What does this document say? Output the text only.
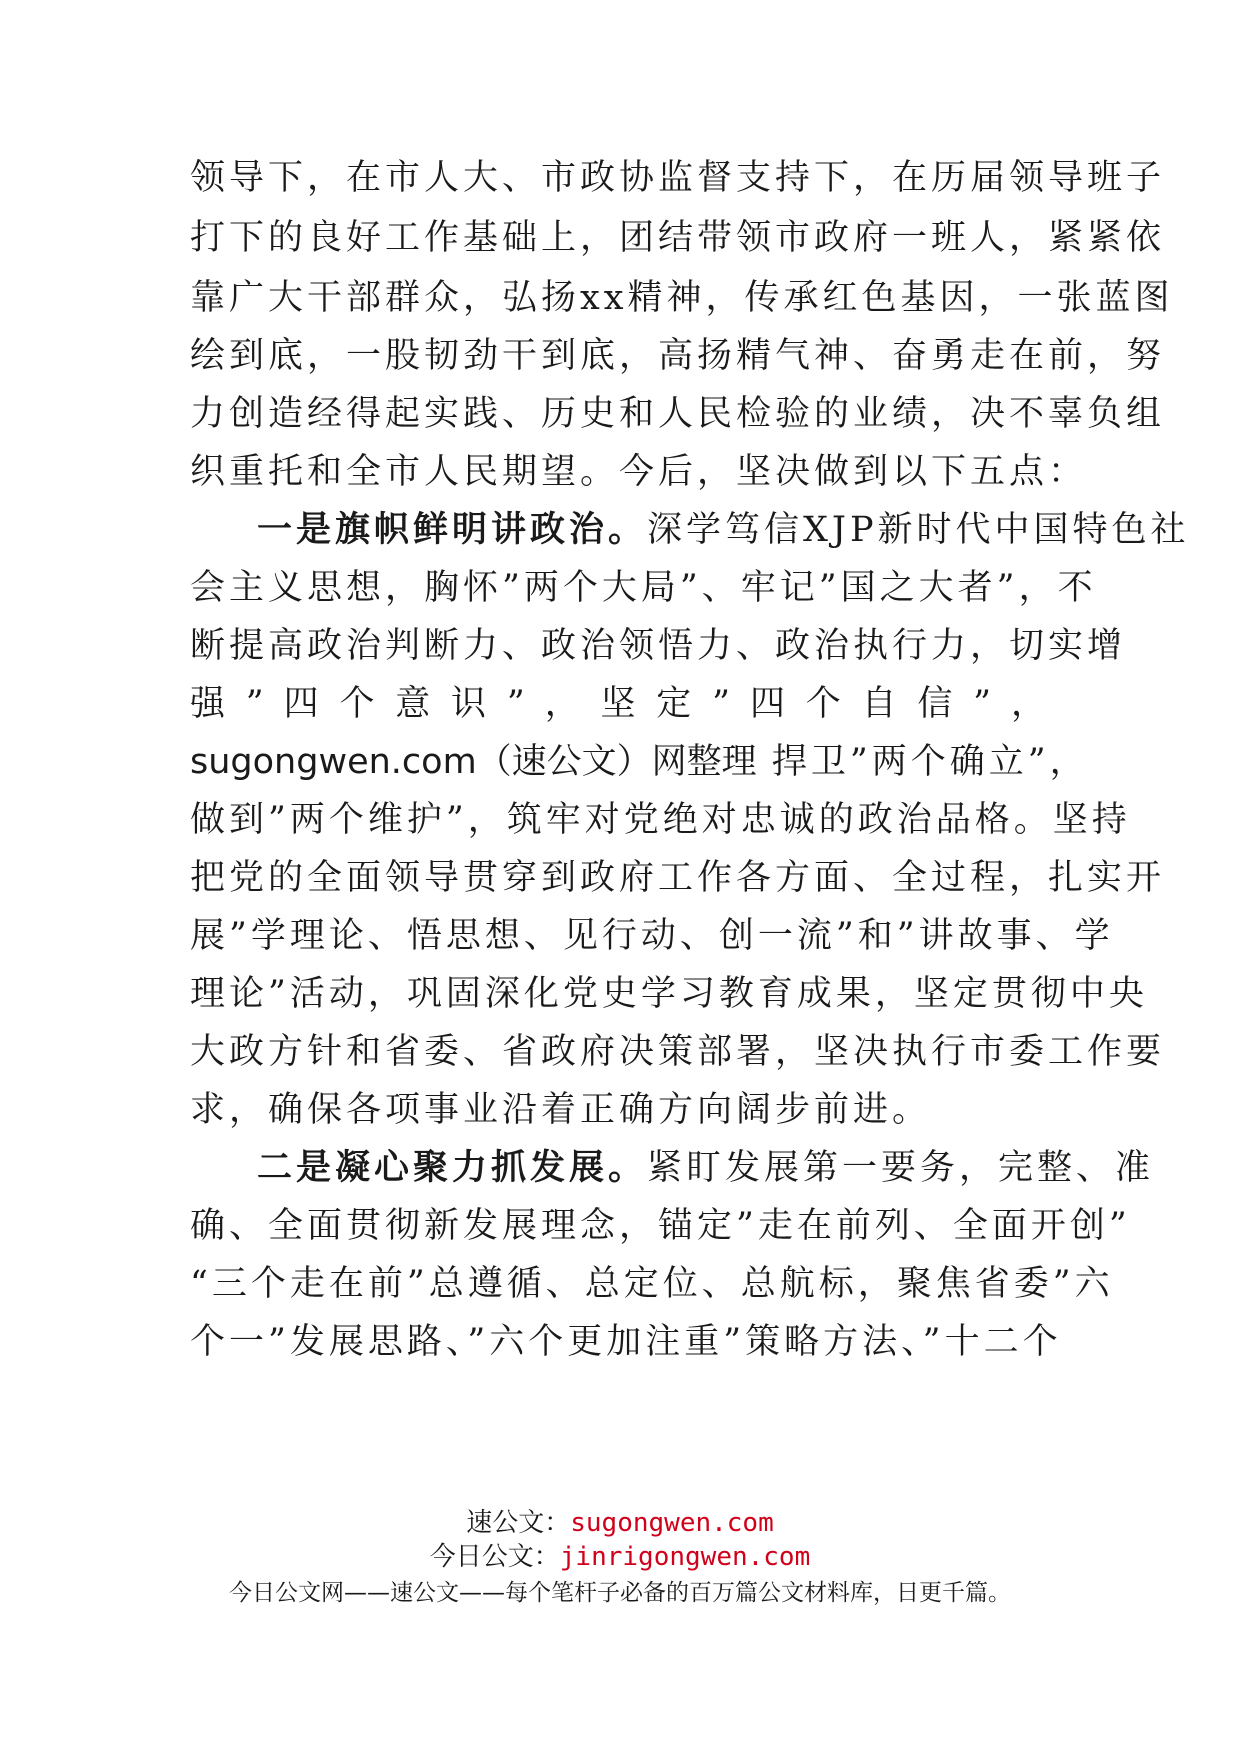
领导下，在市人大、市政协监督支持下，在历届领导班子
打下的良好工作基础上，团结带领市政府一班人，紧紧依
靠广大干部群众，弘扬xx精神，传承红色基因，一张蓝图
绘到底，一股韧劲干到底，高扬精气神、奋勇走在前，努
力创造经得起实践、历史和人民检验的业绩，决不辜负组
织重托和全市人民期望。今后，坚决做到以下五点：
一是旗帜鲜明讲政治。深学笃信XJP新时代中国特色社
会主义思想，胸怀”两个大局”、牢记”国之大者”，不
断提高政治判断力、政治领悟力、政治执行力，切实增
强 ” 四 个 意 识 ” ， 坚 定 ” 四 个 自 信 ” ，
sugongwen.com（速公文）网整理 捍卫”两个确立”，
做到”两个维护”，筑牢对党绝对忠诚的政治品格。坚持
把党的全面领导贯穿到政府工作各方面、全过程，扎实开
展”学理论、悟思想、见行动、创一流”和”讲故事、学
理论”活动，巩固深化党史学习教育成果，坚定贯彻中央
大政方针和省委、省政府决策部署，坚决执行市委工作要
求，确保各项事业沿着正确方向阔步前进。
二是凝心聚力抓发展。紧盯发展第一要务，完整、准
确、全面贯彻新发展理念，锚定”走在前列、全面开创”
“三个走在前”总遵循、总定位、总航标，聚焦省委”六
个一”发展思路、”六个更加注重”策略方法、”十二个
速公文：sugongwen.com
今日公文：jinrigongwen.com
今日公文网——速公文——每个笔杆子必备的百万篇公文材料库，日更千篇。
